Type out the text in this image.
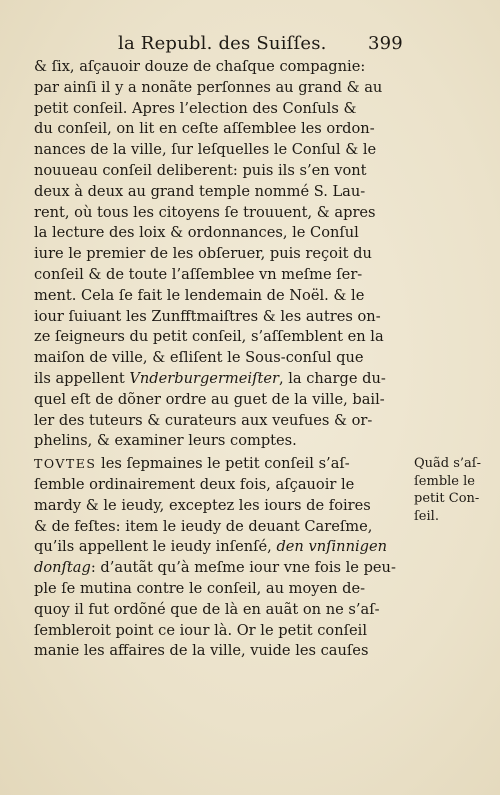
la Republ. des Suiſſes. 399
& ſix, aſçauoir douze de chaſque compagnie:
par ainſi il y a nonãte perſonnes au grand & au
petit conſeil. Apres l’election des Conſuls &
du conſeil, on lit en ceſte aſſemblee les ordon-
nances de la ville, ſur leſquelles le Conſul & le
nouueau conſeil deliberent: puis ils s’en vont
deux à deux au grand temple nommé S. Lau-
rent, où tous les citoyens ſe trouuent, & apres
la lecture des loix & ordonnances, le Conſul
iure le premier de les obſeruer, puis reçoit du
conſeil & de toute l’aſſemblee vn meſme ſer-
ment. Cela ſe fait le lendemain de Noël. & le
iour ſuiuant les Zunfftmaiſtres & les autres on-
ze ſeigneurs du petit conſeil, s’aſſemblent en la
maiſon de ville, & eſliſent le Sous-conſul que
ils appellent Vnderburgermeiſter, la charge du-
quel eſt de dõner ordre au guet de la ville, bail-
ler des tuteurs & curateurs aux veufues & or-
phelins, & examiner leurs comptes.
TOVTES les ſepmaines le petit conſeil s’aſ-
ſemble ordinairement deux fois, aſçauoir le
mardy & le ieudy, exceptez les iours de foires
& de feſtes: item le ieudy de deuant Careſme,
qu’ils appellent le ieudy inſenſé, den vnſinnigen
donſtag: d’autãt qu’à meſme iour vne fois le peu-
ple ſe mutina contre le conſeil, au moyen de-
quoy il fut ordõné que de là en auãt on ne s’aſ-
ſembleroit point ce iour là. Or le petit conſeil
manie les affaires de la ville, vuide les cauſes
Quãd s’aſ-
ſemble le
petit Con-
ſeil.
